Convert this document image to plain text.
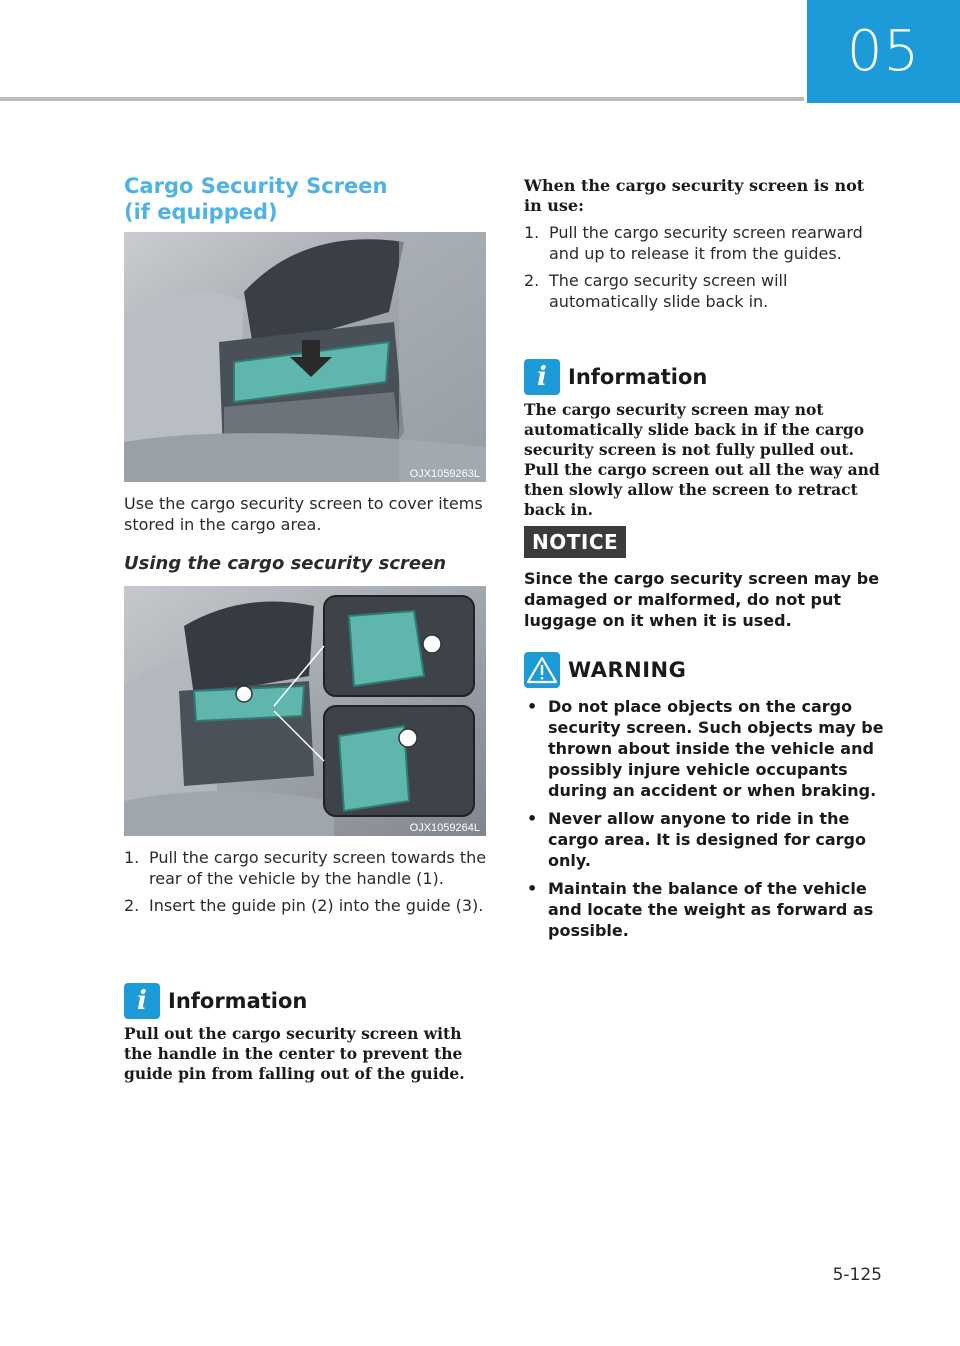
05
Cargo Security Screen
(if equipped)
OJX1059263L
Use the cargo security screen to cover items stored in the cargo area.
Using the cargo security screen
OJX1059264L
1. Pull the cargo security screen towards the rear of the vehicle by the handle (1).
2. Insert the guide pin (2) into the guide (3).
i	Information
Pull out the cargo security screen with the handle in the center to prevent the guide pin from falling out of the guide.
When the cargo security screen is not in use:
1. Pull the cargo security screen rearward and up to release it from the guides.
2. The cargo security screen will automatically slide back in.
i	Information
The cargo security screen may not automatically slide back in if the cargo security screen is not fully pulled out. Pull the cargo screen out all the way and then slowly allow the screen to retract back in.
NOTICE
Since the cargo security screen may be damaged or malformed, do not put luggage on it when it is used.
WARNING
• Do not place objects on the cargo security screen. Such objects may be thrown about inside the vehicle and possibly injure vehicle occupants during an accident or when braking.
• Never allow anyone to ride in the cargo area. It is designed for cargo only.
• Maintain the balance of the vehicle and locate the weight as forward as possible.
5-125
